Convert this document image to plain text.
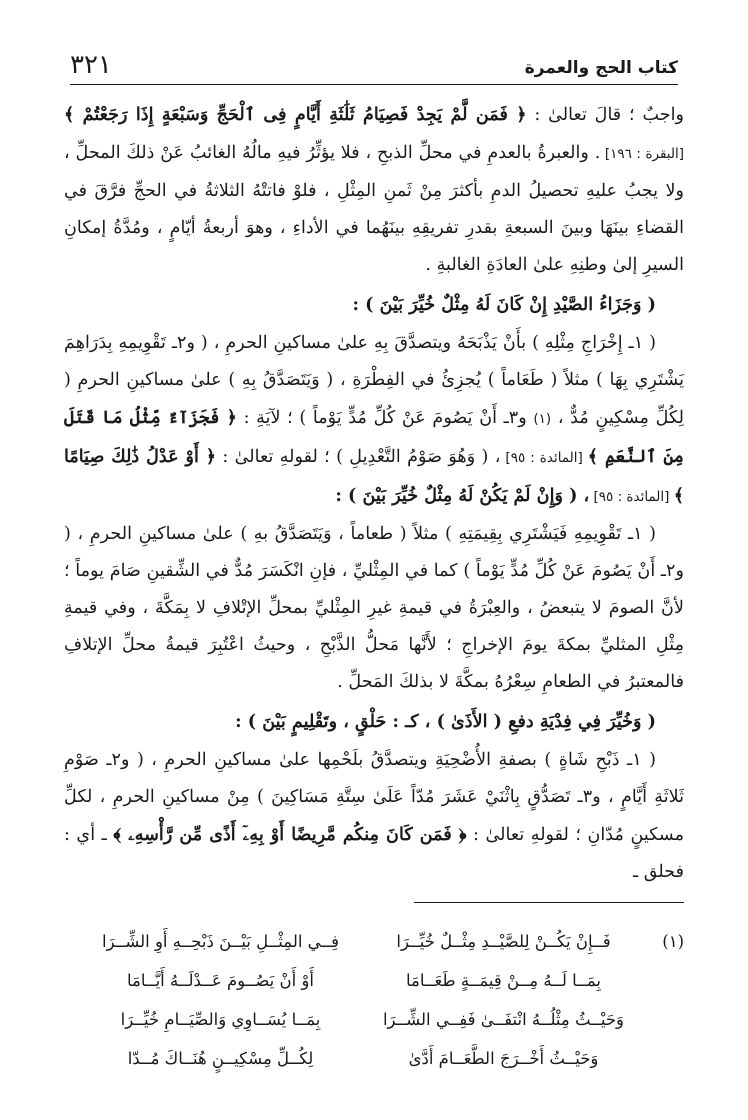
كتاب الحج والعمرة
٣٢١

واجبٌ ؛ قالَ تعالىٰ : ﴿ فَمَن لَّمْ يَجِدْ فَصِيَامُ ثَلَٰثَةِ أَيَّامٍ فِى ٱلْحَجِّ وَسَبْعَةٍ إِذَا رَجَعْتُمْ ﴾ [البقرة : ١٩٦] . والعبرةُ بالعدمِ في محلِّ الذبحِ ، فلا يؤثِّرُ فيهِ مالُهُ الغائبُ عَنْ ذلكَ المحلِّ ، ولا يجبُ عليهِ تحصيلُ الدمِ بأكثرَ مِنْ ثَمنِ المِثْلِ ، فلوْ فاتتْهُ الثلاثةُ في الحجِّ فرَّقَ في القضاءِ بينَهَا وبينَ السبعةِ بقدرِ تفريقِهِ بينَهُما في الأداءِ ، وهوَ أربعةُ أيّامٍ ، ومُدَّةُ إمكانِ السيرِ إلىٰ وطنِهِ علىٰ العادَةِ الغالبةِ .

( وَجَزَاءُ الصَّيْدِ إِنْ كَانَ لَهُ مِثْلٌ خُيِّرَ بَيْنَ ) :

( ١ـ إِخْرَاجِ مِثْلِهِ ) بأَنْ يَذْبَحَهُ ويتصدَّقَ بِهِ علىٰ مساكينِ الحرمِ ، ( و٢ـ تَقْوِيمِهِ بِدَرَاهِمَ يَشْتَرِي بِهَا ) مثلاً ( طَعَاماً ) يُجزِئُ في الفِطْرَةِ ، ( وَيَتَصَدَّقُ بِهِ ) علىٰ مساكينِ الحرمِ ( لِكُلِّ مِسْكِينٍ مُدٌّ ، (١) و٣ـ أَنْ يَصُومَ عَنْ كُلِّ مُدٍّ يَوْماً ) ؛ لآيَةِ : ﴿ فَجَزَآءٌ مِّثْلُ مَا قَتَلَ مِنَ ٱلنَّعَمِ ﴾ [المائدة : ٩٥] ، ( وَهُوَ صَوْمُ التَّعْدِيلِ ) ؛ لقولهِ تعالىٰ : ﴿ أَوْ عَدْلُ ذَٰلِكَ صِيَامًا ﴾ [المائدة : ٩٥] ، ( وَإِنْ لَمْ يَكُنْ لَهُ مِثْلٌ خُيِّرَ بَيْنَ ) :

( ١ـ تَقْوِيمِهِ فَيَشْتَرِي بِقِيمَتِهِ ) مثلاً ( طعاماً ، وَيَتَصَدَّقُ بهِ ) علىٰ مساكينِ الحرمِ ، ( و٢ـ أَنْ يَصُومَ عَنْ كُلِّ مُدٍّ يَوْماً ) كما في المِثْليِّ ، فإنِ انْكَسَرَ مُدٌّ في الشِّقينِ صَامَ يوماً ؛ لأنَّ الصومَ لا يتبعضُ ، والعِبْرَةُ في قيمةِ غيرِ المِثْليِّ بمحلِّ الإتْلافِ لا بِمَكَّةَ ، وفي قيمةِ مِثْلِ المثليِّ بمكةَ يومَ الإخراجِ ؛ لأَنَّها مَحلُّ الذَّبْحِ ، وحيثُ اعْتُبِرَ قيمةُ محلِّ الإتلافِ فالمعتبرُ في الطعامِ سِعْرُهُ بمكَّةَ لا بذلكَ المَحلِّ .

( وَخُيِّرَ فِي فِدْيَةِ دفعِ ( الأَذَىٰ ) ، كـ : حَلْقٍ ، وتَقْلِيمٍ بَيْنَ ) :

( ١ـ ذَبْحِ شَاةٍ ) بصفةِ الأُضْحِيَةِ ويتصدَّقُ بلَحْمِها علىٰ مساكينِ الحرمِ ، ( و٢ـ صَوْمِ ثَلاثَةِ أَيَّامٍ ، و٣ـ تَصَدُّقٍ بِاثْنَيْ عَشَرَ مُدّاً عَلَىٰ سِتَّةِ مَسَاكِينَ ) مِنْ مساكينِ الحرمِ ، لكلِّ مسكينٍ مُدّانِ ؛ لقولهِ تعالىٰ : ﴿ فَمَن كَانَ مِنكُم مَّرِيضًا أَوْ بِهِۦٓ أَذًى مِّن رَّأْسِهِۦ ﴾ ـ أي : فحلق ـ

(١)
فَــإِنْ يَكُــنْ لِلصَّيْــدِ مِثْــلٌ خُيِّــرَا
فِــي المِثْــلِ بَيْــنَ ذَبْحِــهِ أَوِ الشِّــرَا
بِمَــا لَــهُ مِــنْ قِيمَــةٍ طَعَــامَا
أَوْ أَنْ يَصُــومَ عَــدْلَــهُ أَيَّــامَا
وَحَيْــثُ مِثْلُــهُ انْتفَــىٰ فَفِــي الشِّــرَا
بِمَــا يُسَــاوِي وَالصِّيَــامِ خُيِّــرَا
وَحَيْــثُ أَخْــرَجَ الطَّعَــامَ أَدَّىٰ
لِكُــلِّ مِسْكِيــنٍ هُنَــاكَ مُــدّا
